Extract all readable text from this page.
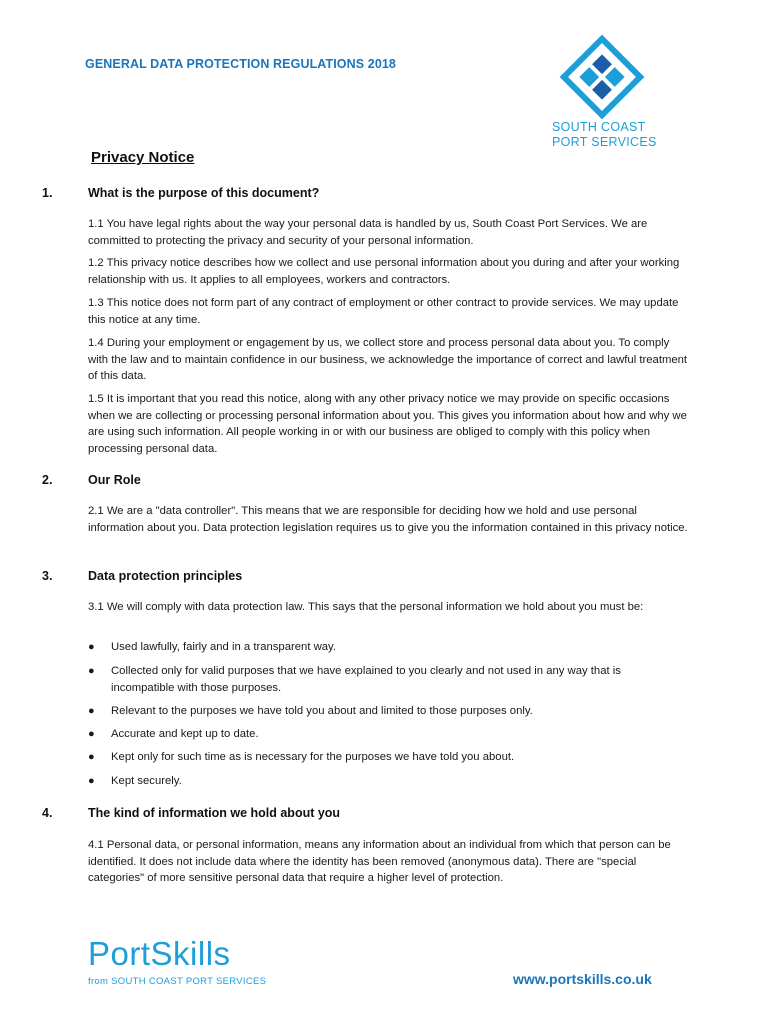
GENERAL DATA PROTECTION REGULATIONS 2018
SOUTH COAST
PORT SERVICES
Privacy Notice
1.	What is the purpose of this document?
1.1 You have legal rights about the way your personal data is handled by us, South Coast Port Services. We are committed to protecting the privacy and security of your personal information.
1.2 This privacy notice describes how we collect and use personal information about you during and after your working relationship with us. It applies to all employees, workers and contractors.
1.3 This notice does not form part of any contract of employment or other contract to provide services. We may update this notice at any time.
1.4 During your employment or engagement by us, we collect store and process personal data about you. To comply with the law and to maintain confidence in our business, we acknowledge the importance of correct and lawful treatment of this data.
1.5 It is important that you read this notice, along with any other privacy notice we may provide on specific occasions when we are collecting or processing personal information about you. This gives you information about how and why we are using such information. All people working in or with our business are obliged to comply with this policy when processing personal data.
2.	Our Role
2.1 We are a "data controller". This means that we are responsible for deciding how we hold and use personal information about you. Data protection legislation requires us to give you the information contained in this privacy notice.
3.	Data protection principles
3.1 We will comply with data protection law. This says that the personal information we hold about you must be:
● Used lawfully, fairly and in a transparent way.
● Collected only for valid purposes that we have explained to you clearly and not used in any way that is incompatible with those purposes.
● Relevant to the purposes we have told you about and limited to those purposes only.
● Accurate and kept up to date.
● Kept only for such time as is necessary for the purposes we have told you about.
● Kept securely.
4.	The kind of information we hold about you
4.1 Personal data, or personal information, means any information about an individual from which that person can be identified. It does not include data where the identity has been removed (anonymous data). There are "special categories" of more sensitive personal data that require a higher level of protection.
PortSkills
from SOUTH COAST PORT SERVICES	www.portskills.co.uk
